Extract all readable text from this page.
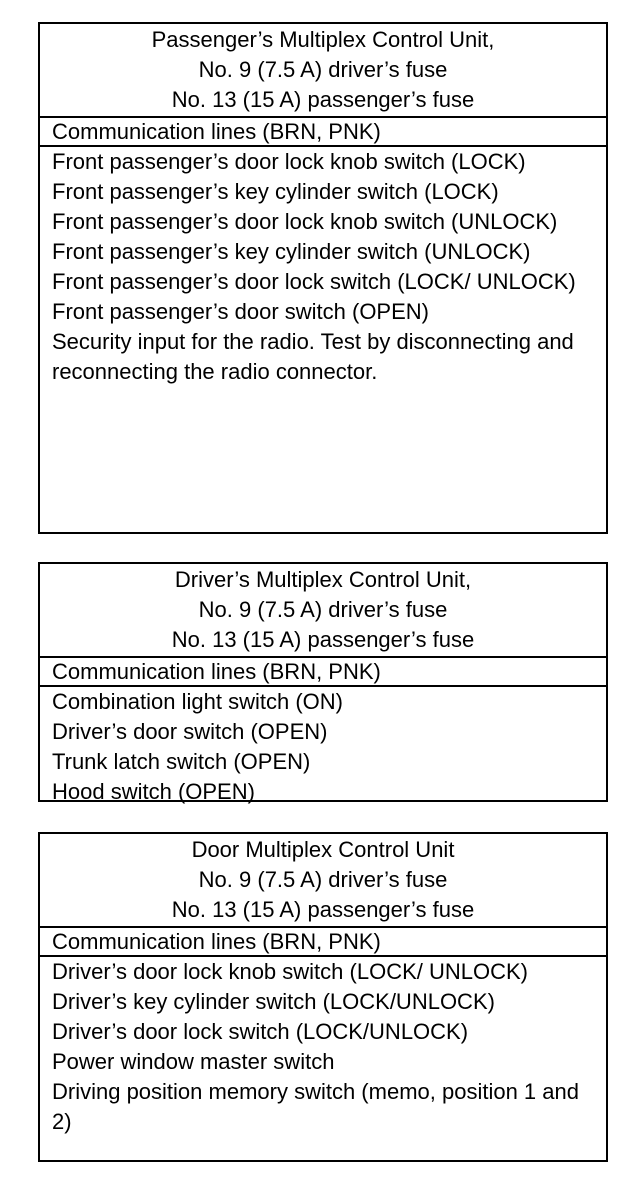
Passenger’s Multiplex Control Unit,
No. 9 (7.5 A) driver’s fuse
No. 13 (15 A) passenger’s fuse
Communication lines (BRN, PNK)
Front passenger’s door lock knob switch (LOCK)
Front passenger’s key cylinder switch (LOCK)
Front passenger’s door lock knob switch (UNLOCK)
Front passenger’s key cylinder switch (UNLOCK)
Front passenger’s door lock switch (LOCK/ UNLOCK)
Front passenger’s door switch (OPEN)
Security input for the radio. Test by disconnecting and reconnecting the radio connector.
Driver’s Multiplex Control Unit,
No. 9 (7.5 A) driver’s fuse
No. 13 (15 A) passenger’s fuse
Communication lines (BRN, PNK)
Combination light switch (ON)
Driver’s door switch (OPEN)
Trunk latch switch (OPEN)
Hood switch (OPEN)
Door Multiplex Control Unit
No. 9 (7.5 A) driver’s fuse
No. 13 (15 A) passenger’s fuse
Communication lines (BRN, PNK)
Driver’s door lock knob switch (LOCK/ UNLOCK)
Driver’s key cylinder switch (LOCK/UNLOCK)
Driver’s door lock switch (LOCK/UNLOCK)
Power window master switch
Driving position memory switch (memo, position 1 and 2)
